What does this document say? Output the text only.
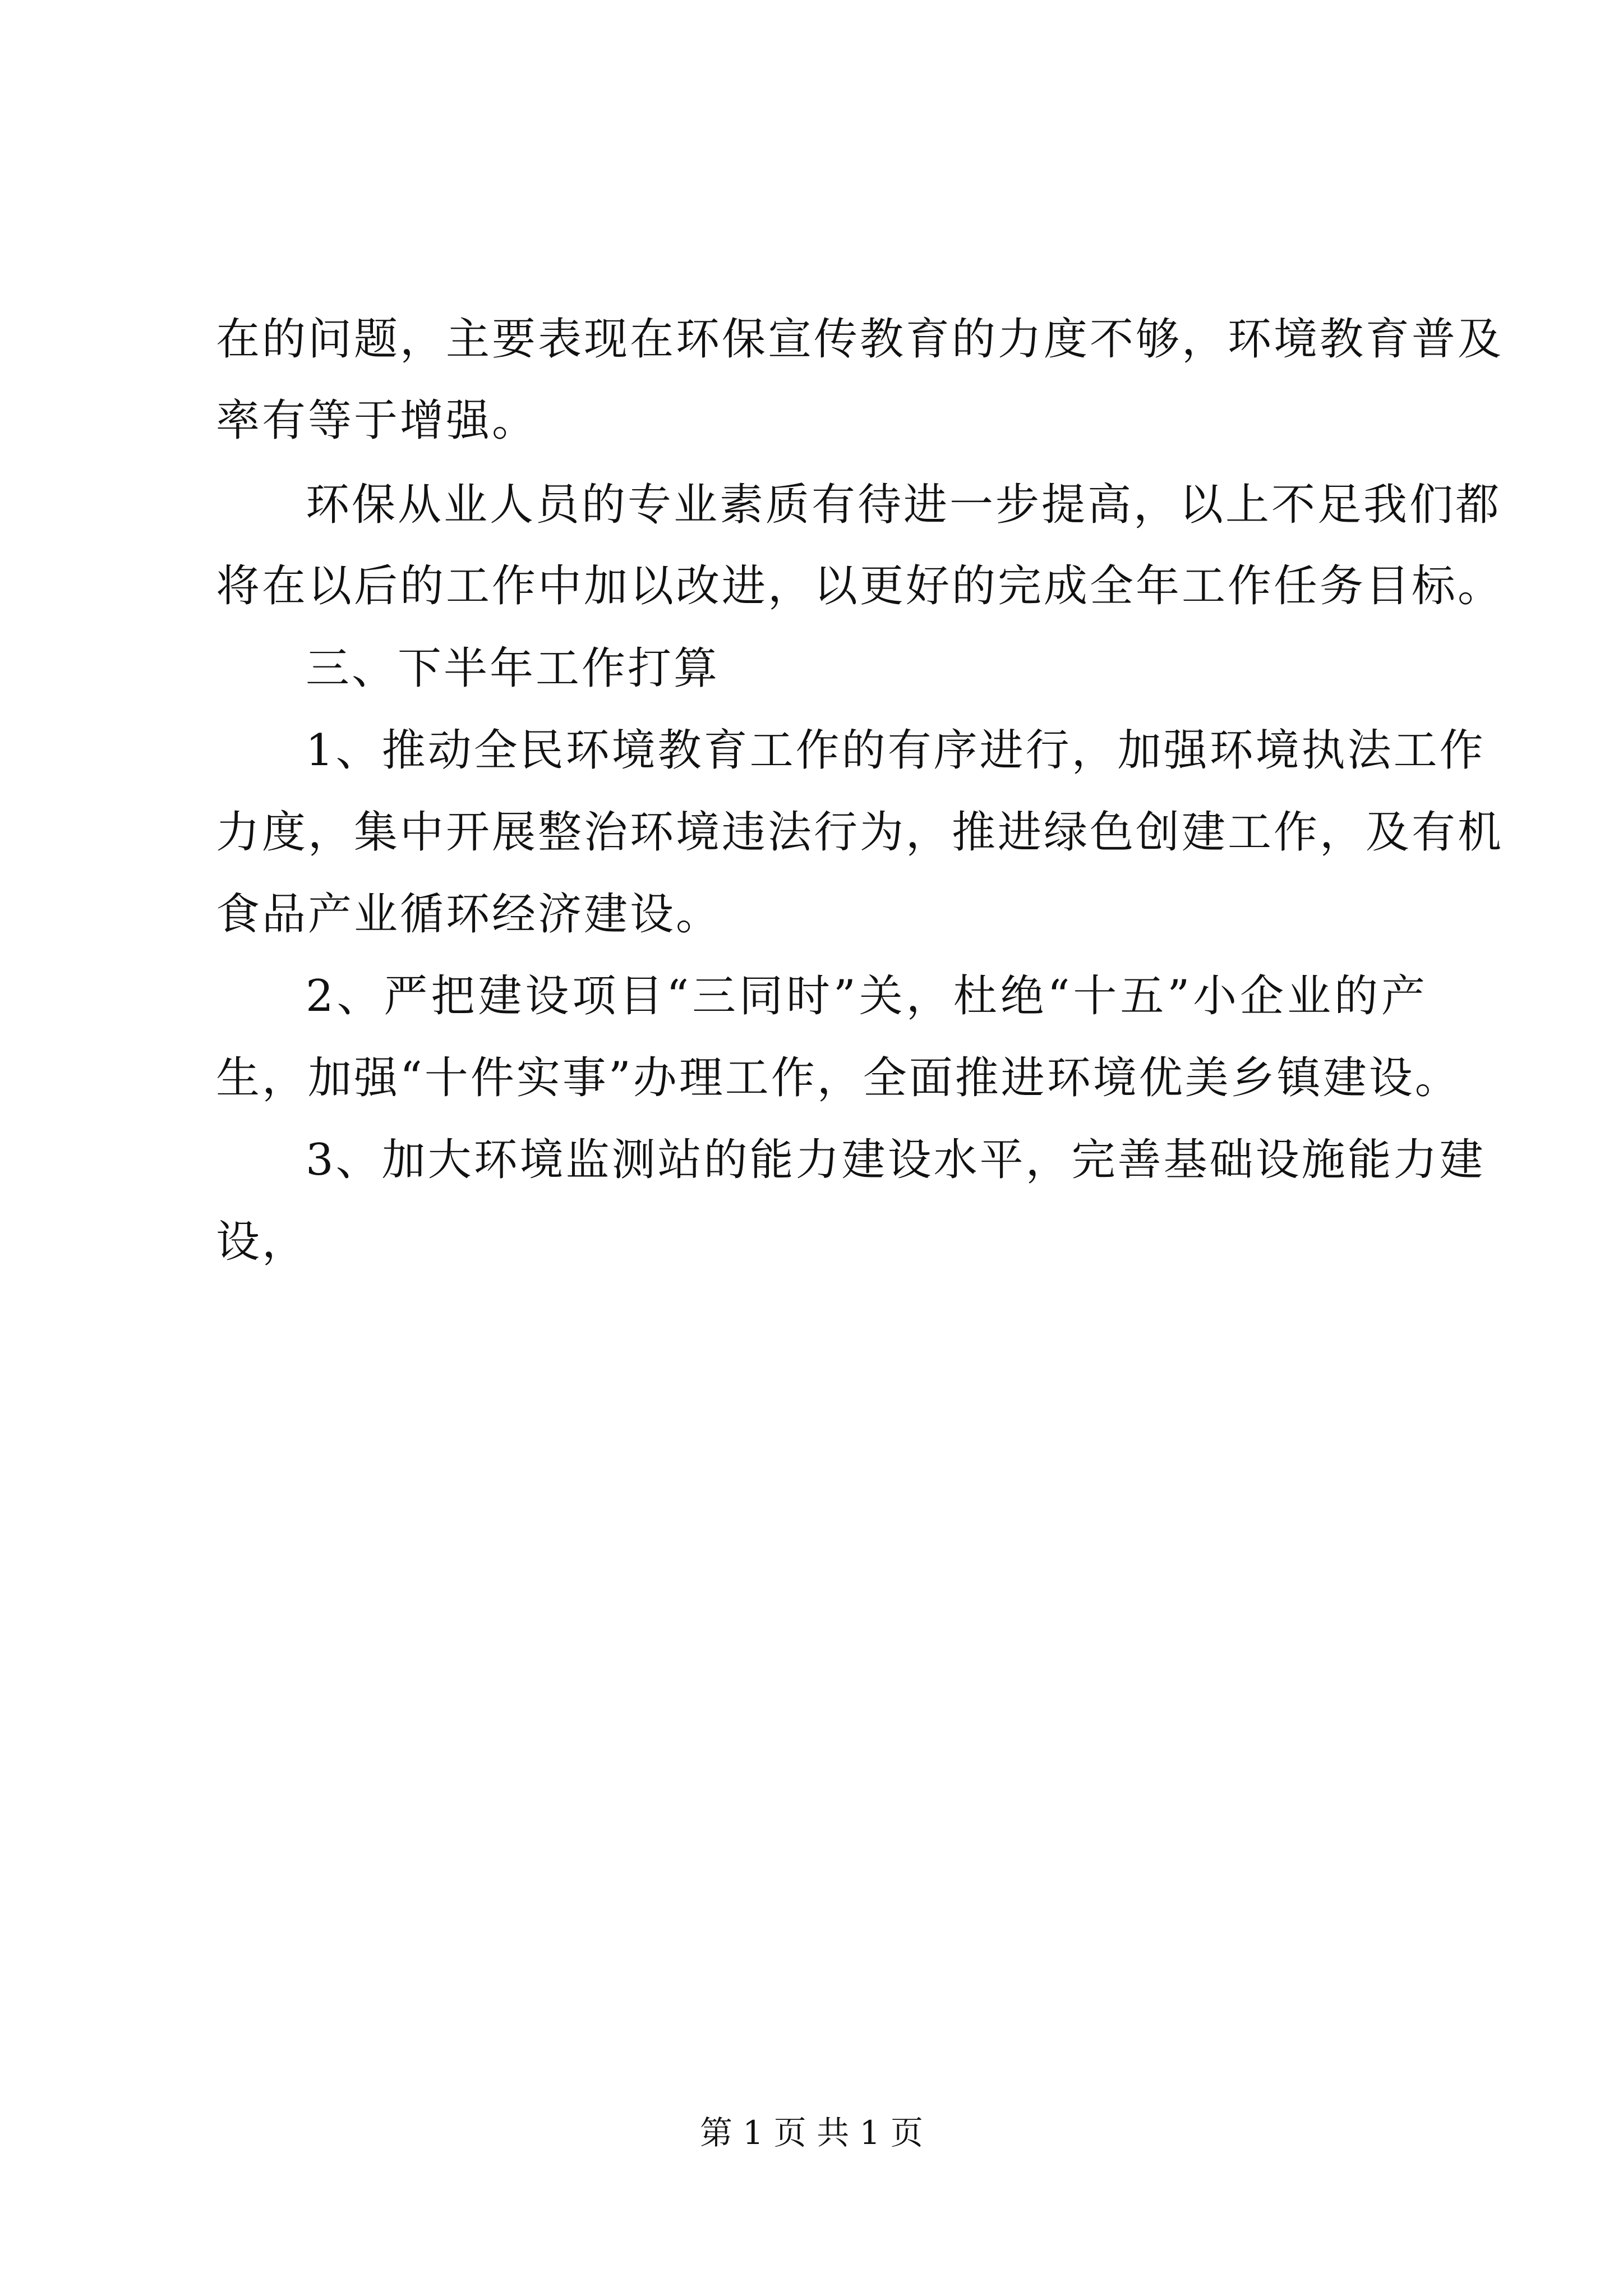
在的问题，主要表现在环保宣传教育的力度不够，环境教育普及
率有等于增强。
环保从业人员的专业素质有待进一步提高，以上不足我们都
将在以后的工作中加以改进，以更好的完成全年工作任务目标。
三、下半年工作打算
1、推动全民环境教育工作的有序进行，加强环境执法工作
力度，集中开展整治环境违法行为，推进绿色创建工作，及有机
食品产业循环经济建设。
2、严把建设项目“三同时”关，杜绝“十五”小企业的产
生，加强“十件实事”办理工作，全面推进环境优美乡镇建设。
3、加大环境监测站的能力建设水平，完善基础设施能力建
设，
第 1 页 共 1 页
